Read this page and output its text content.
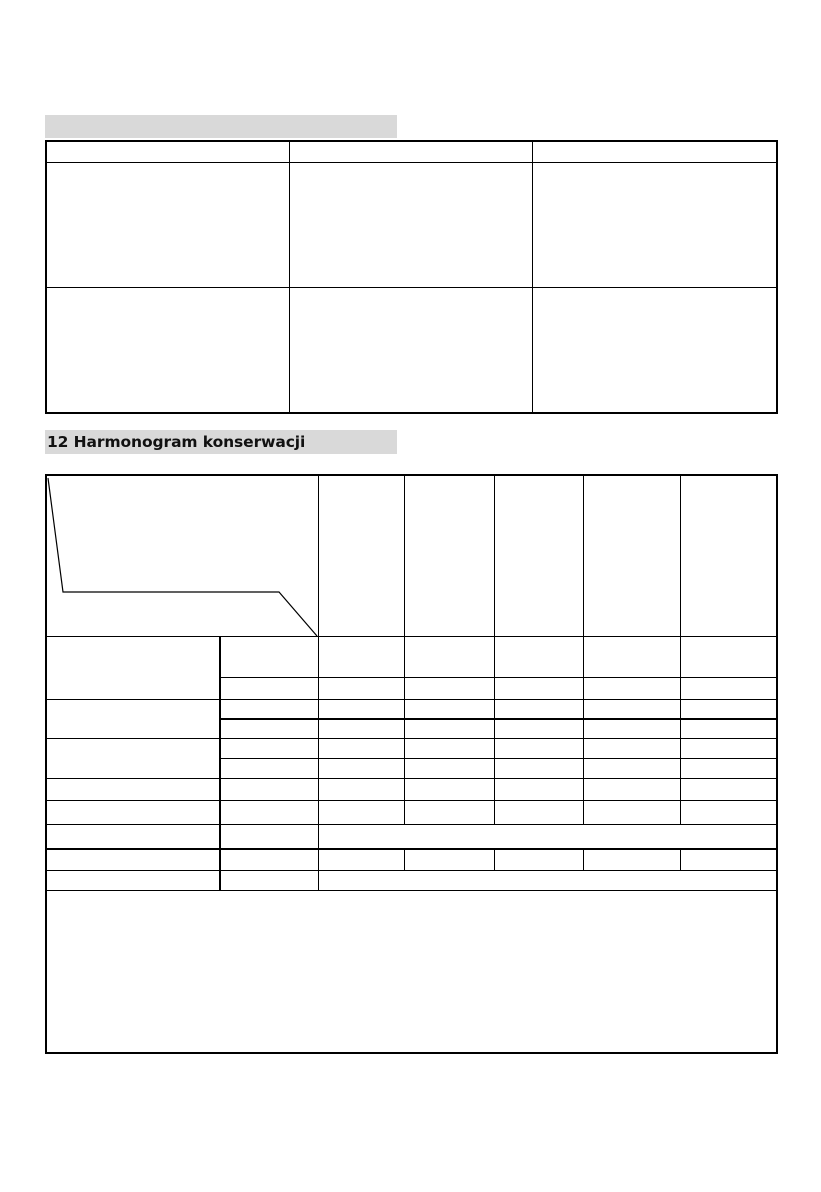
12 Harmonogram konserwacji
